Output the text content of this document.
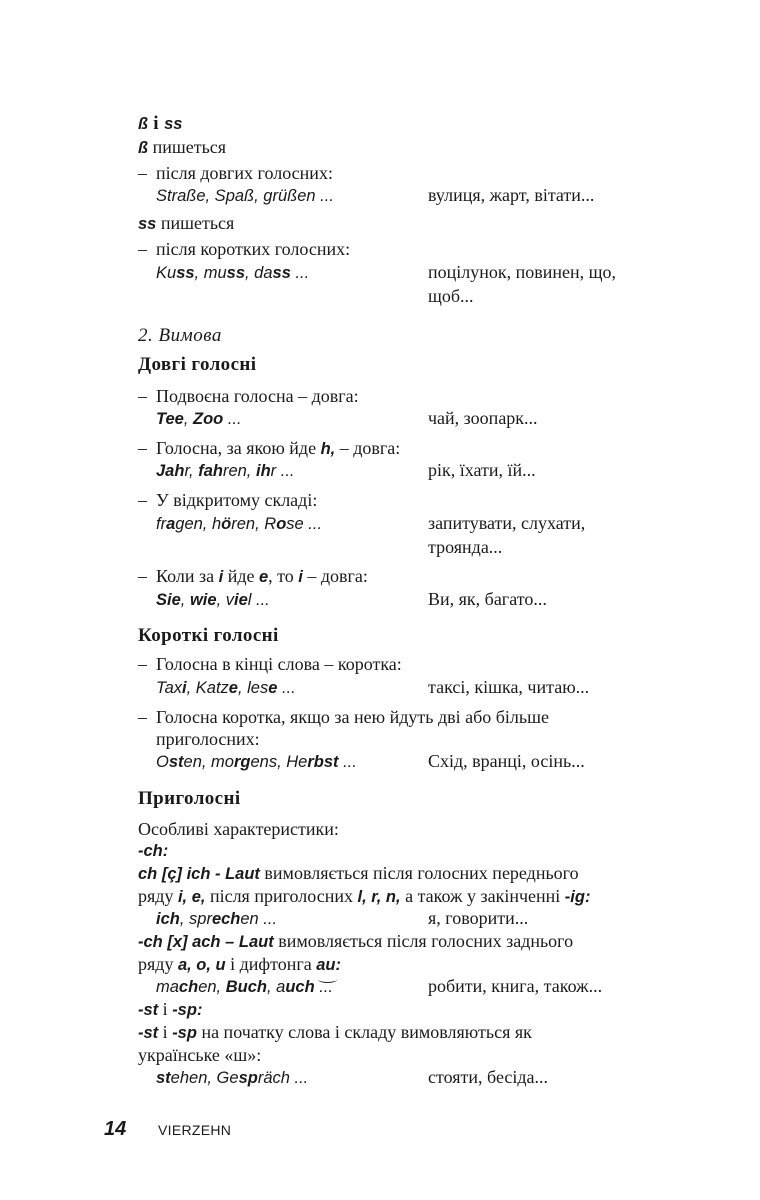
ß i ss
ß пишеться
– після довгих голосних:
Straße, Spaß, grüßen ...	вулиця, жарт, вітати...
ss пишеться
– після коротких голосних:
Kuss, muss, dass ...	поцілунок, повинен, що,
щоб...
2. Вимова
Довгі голосні
– Подвоєна голосна – довга:
Tee, Zoo ...	чай, зоопарк...
– Голосна, за якою йде h, – довга:
Jahr, fahren, ihr ...	рік, їхати, їй...
– У відкритому складі:
fragen, hören, Rose ...	запитувати, слухати,
троянда...
– Коли за i йде e, то i – довга:
Sie, wie, viel ...	Ви, як, багато...
Короткі голосні
– Голосна в кінці слова – коротка:
Taxi, Katze, lese ...	таксі, кішка, читаю...
– Голосна коротка, якщо за нею йдуть дві або більше
приголосних:
Osten, morgens, Herbst ...	Схід, вранці, осінь...
Приголосні
Особливі характеристики:
-ch:
ch [ç] ich - Laut вимовляється після голосних переднього
ряду i, e, після приголосних l, r, n, а також у закінченні -ig:
ich, sprechen ...	я, говорити...
-ch [x] ach – Laut вимовляється після голосних заднього
ряду a, o, u і дифтонга au:
machen, Buch, auch ...	робити, книга, також...
-st і -sp:
-st і -sp на початку слова і складу вимовляються як
українське «ш»:
stehen, Gespräch ...	стояти, бесіда...
14 VIERZEHN
